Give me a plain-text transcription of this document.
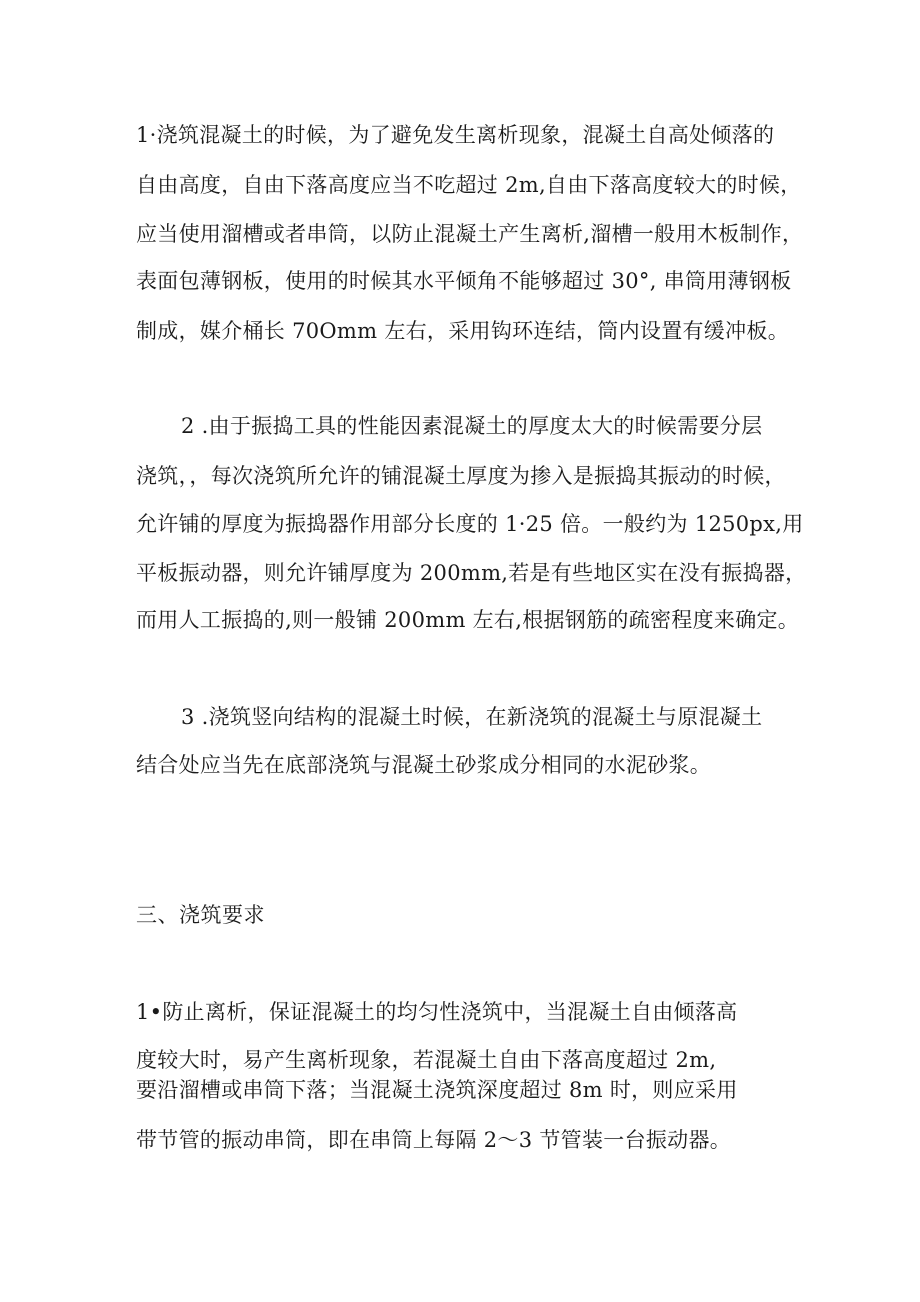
1·浇筑混凝土的时候，为了避免发生离析现象，混凝土自高处倾落的
自由高度，自由下落高度应当不吃超过 2m,自由下落高度较大的时候，
应当使用溜槽或者串筒，以防止混凝土产生离析,溜槽一般用木板制作，
表面包薄钢板，使用的时候其水平倾角不能够超过 30°, 串筒用薄钢板
制成，媒介桶长 70Omm 左右，采用钩环连结，筒内设置有缓冲板。
2 .由于振捣工具的性能因素混凝土的厚度太大的时候需要分层
浇筑，，每次浇筑所允许的铺混凝土厚度为掺入是振捣其振动的时候，
允许铺的厚度为振捣器作用部分长度的 1·25 倍。一般约为 1250px,用
平板振动器，则允许铺厚度为 200mm,若是有些地区实在没有振捣器，
而用人工振捣的,则一般铺 200mm 左右,根据钢筋的疏密程度来确定。
3 .浇筑竖向结构的混凝土时候，在新浇筑的混凝土与原混凝土
结合处应当先在底部浇筑与混凝土砂浆成分相同的水泥砂浆。
三、浇筑要求
1•防止离析，保证混凝土的均匀性浇筑中，当混凝土自由倾落高
度较大时，易产生离析现象，若混凝土自由下落高度超过 2m,
要沿溜槽或串筒下落；当混凝土浇筑深度超过 8m 时，则应采用
带节管的振动串筒，即在串筒上每隔 2～3 节管装一台振动器。
